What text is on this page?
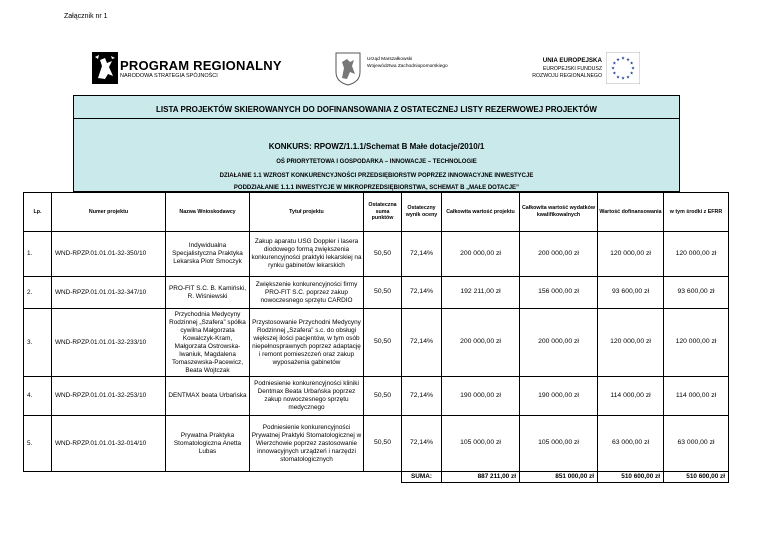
Załącznik nr 1
PROGRAM REGIONALNY
NARODOWA STRATEGIA SPÓJNOŚCI
Urząd Marszałkowski
Województwa Zachodniopomorskiego
UNIA EUROPEJSKA
EUROPEJSKI FUNDUSZ
ROZWOJU REGIONALNEGO
★ ★
★
★
★
★
★
★
★
★
★
★
LISTA PROJEKTÓW SKIEROWANYCH DO DOFINANSOWANIA Z OSTATECZNEJ LISTY REZERWOWEJ PROJEKTÓW
KONKURS: RPOWZ/1.1.1/Schemat B Małe dotacje/2010/1
OŚ PRIORYTETOWA I GOSPODARKA – INNOWACJE – TECHNOLOGIE
DZIAŁANIE 1.1 WZROST KONKURENCYJNOŚCI PRZEDSIĘBIORSTW POPRZEZ INNOWACYJNE INWESTYCJE
PODDZIAŁANIE 1.1.1 INWESTYCJE W MIKROPRZEDSIĘBIORSTWA, SCHEMAT B „MAŁE DOTACJE”
Lp.	Numer projektu	Nazwa Wnioskodawcy	Tytuł projektu	Ostateczna suma punktów	Ostateczny wynik oceny	Całkowita wartość projektu	Całkowita wartość wydatków kwalifikowalnych	Wartość dofinansowania	w tym środki z EFRR
1.	WND-RPZP.01.01.01-32-350/10	Indywidualna Specjalistyczna Praktyka Lekarska Piotr Smoczyk	Zakup aparatu USG Doppler i lasera diodowego formą zwiększenia konkurencyjności praktyki lekarskiej na rynku gabinetów lekarskich	50,50	72,14%	200 000,00 zł	200 000,00 zł	120 000,00 zł	120 000,00 zł
2.	WND-RPZP.01.01.01-32-347/10	PRO-FIT S.C. B. Kamiński, R. Wiśniewski	Zwiększenie konkurencyjności firmy PRO-FIT S.C. poprzez zakup nowoczesnego sprzętu CARDIO	50,50	72,14%	192 211,00 zł	156 000,00 zł	93 600,00 zł	93 600,00 zł
3.	WND-RPZP.01.01.01-32-233/10	Przychodnia Medycyny Rodzinnej „Szafera” spółka cywilna Małgorzata Kowalczyk-Kram, Małgorzata Ostrowska-Iwaniuk, Magdalena Tomaszewska-Pacewicz, Beata Wojtczak	Przystosowanie Przychodni Medycyny Rodzinnej „Szafera” s.c. do obsługi większej ilości pacjentów, w tym osób niepełnosprawnych poprzez adaptację i remont pomieszczeń oraz zakup wyposażenia gabinetów	50,50	72,14%	200 000,00 zł	200 000,00 zł	120 000,00 zł	120 000,00 zł
4.	WND-RPZP.01.01.01-32-253/10	DENTMAX beata Urbańska	Podniesienie konkurencyjności kliniki Dentmax Beata Urbańska poprzez zakup nowoczesnego sprzętu medycznego	50,50	72,14%	190 000,00 zł	190 000,00 zł	114 000,00 zł	114 000,00 zł
5.	WND-RPZP.01.01.01-32-014/10	Prywatna Praktyka Stomatologiczna Anetta Lubas	Podniesienie konkurencyjności Prywatnej Praktyki Stomatologicznej w Wierzchowie poprzez zastosowanie innowacyjnych urządzeń i narzędzi stomatologicznych	50,50	72,14%	105 000,00 zł	105 000,00 zł	63 000,00 zł	63 000,00 zł
					SUMA:	887 211,00 zł	851 000,00 zł	510 600,00 zł	510 600,00 zł
